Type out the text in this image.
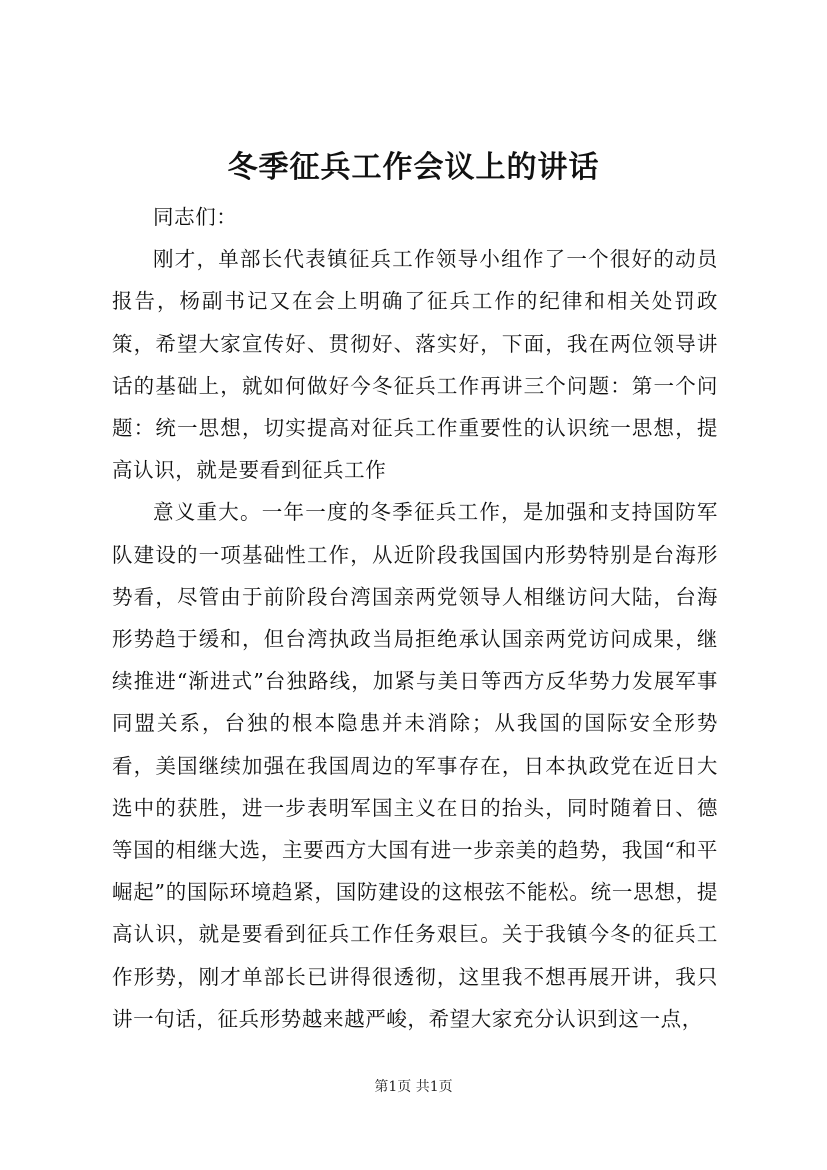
冬季征兵工作会议上的讲话

同志们：

刚才，单部长代表镇征兵工作领导小组作了一个很好的动员报告，杨副书记又在会上明确了征兵工作的纪律和相关处罚政策，希望大家宣传好、贯彻好、落实好，下面，我在两位领导讲话的基础上，就如何做好今冬征兵工作再讲三个问题：第一个问题：统一思想，切实提高对征兵工作重要性的认识统一思想，提高认识，就是要看到征兵工作

意义重大。一年一度的冬季征兵工作，是加强和支持国防军队建设的一项基础性工作，从近阶段我国国内形势特别是台海形势看，尽管由于前阶段台湾国亲两党领导人相继访问大陆，台海形势趋于缓和，但台湾执政当局拒绝承认国亲两党访问成果，继续推进“渐进式”台独路线，加紧与美日等西方反华势力发展军事同盟关系，台独的根本隐患并未消除；从我国的国际安全形势看，美国继续加强在我国周边的军事存在，日本执政党在近日大选中的获胜，进一步表明军国主义在日的抬头，同时随着日、德等国的相继大选，主要西方大国有进一步亲美的趋势，我国“和平崛起”的国际环境趋紧，国防建设的这根弦不能松。统一思想，提高认识，就是要看到征兵工作任务艰巨。关于我镇今冬的征兵工作形势，刚才单部长已讲得很透彻，这里我不想再展开讲，我只讲一句话，征兵形势越来越严峻，希望大家充分认识到这一点，

第1页 共1页
